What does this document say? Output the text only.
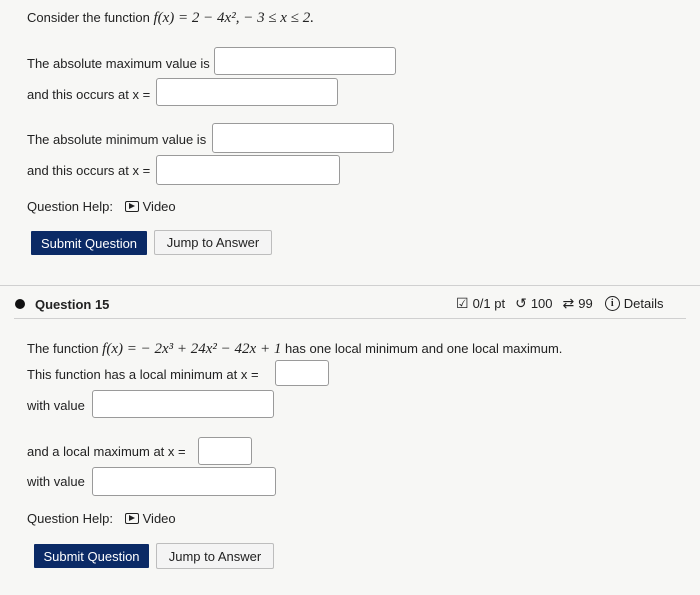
Consider the function f(x) = 2 − 4x², − 3 ≤ x ≤ 2.
The absolute maximum value is
and this occurs at x =
The absolute minimum value is
and this occurs at x =
Question Help: Video
Submit Question	Jump to Answer
Question 15	☑ 0/1 pt ↺ 100 ⇄ 99	i Details
The function f(x) = − 2x³ + 24x² − 42x + 1 has one local minimum and one local maximum.
This function has a local minimum at x =
with value
and a local maximum at x =
with value
Question Help: Video
Submit Question	Jump to Answer
